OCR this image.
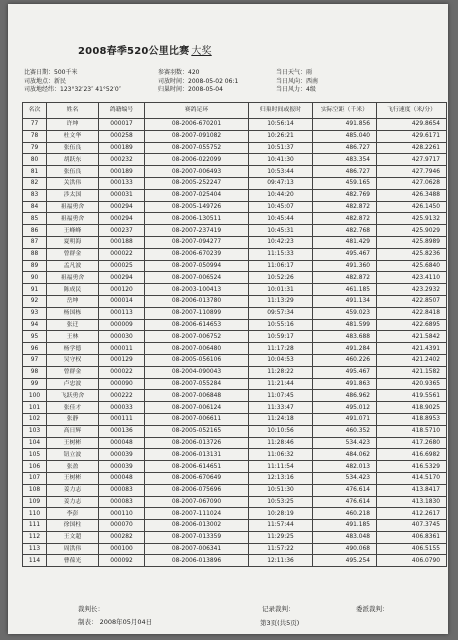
2008春季520公里比赛 大奖
比赛日期：500千米
司放地点：新民
司放地经纬：123°32′23″ 41°52′0″
参赛羽数：420
司放时间：2008-05-02 06:1
归巢时间：2008-05-04
当日天气：雨
当日风向：西南
当日风力：4级
名次	姓名	鸽籍编号	赛鸽足环	归巢时间或报时	实际空距（千米）	飞行速度（米/分）
77	许坤	000017	08-2006-670201	10:56:14	491.856	429.8654
78	杜文华	000258	08-2007-091082	10:26:21	485.040	429.6171
79	张伍良	000189	08-2007-055752	10:51:37	486.727	428.2261
80	胡跃东	000232	08-2006-022099	10:41:30	483.354	427.9717
81	张伍良	000189	08-2007-006493	10:53:44	486.727	427.7946
82	关洪伟	000133	08-2005-252247	09:47:13	459.165	427.0628
83	涉太国	000031	08-2007-025404	10:44:20	482.769	426.3488
84	祖福勇舍	000294	08-2005-149726	10:45:07	482.872	426.1450
85	祖福勇舍	000294	08-2006-130511	10:45:44	482.872	425.9132
86	王峰峰	000237	08-2007-237419	10:45:31	482.768	425.9029
87	夏明海	000188	08-2007-094277	10:42:23	481.429	425.8989
88	曾群金	000022	08-2006-670239	11:15:33	495.467	425.8236
89	孟凡波	000025	08-2007-050994	11:06:17	491.360	425.6840
90	祖福勇舍	000294	08-2007-006524	10:52:26	482.872	423.4110
91	陈成民	000120	08-2003-100413	10:01:31	461.185	423.2932
92	岳坤	000014	08-2006-013780	11:13:29	491.134	422.8507
93	杨国栋	000113	08-2007-110899	09:57:34	459.023	422.8418
94	张迁	000009	08-2006-614653	10:55:16	481.599	422.6895
95	王林	000030	08-2007-006752	10:59:17	483.688	421.5842
96	杨学德	000011	08-2007-006480	11:17:28	491.284	421.4391
97	吴守权	000129	08-2005-056106	10:04:53	460.226	421.2402
98	曾群金	000022	08-2004-090043	11:28:22	495.467	421.1582
99	卢忠波	000090	08-2007-055284	11:21:44	491.863	420.9365
100	飞跃勇舍	000222	08-2007-006848	11:07:45	486.962	419.5561
101	张佳才	000033	08-2007-006124	11:33:47	495.012	418.9025
102	张静	000111	08-2007-006611	11:24:18	491.071	418.8953
103	高日辉	000136	08-2005-052165	10:10:56	460.352	418.5710
104	王树彬	000048	08-2006-013726	11:28:46	534.423	417.2680
105	钮立波	000039	08-2006-013131	11:06:32	484.062	416.6982
106	张盈	000039	08-2006-614651	11:11:54	482.013	416.5329
107	王树彬	000048	08-2006-670649	12:13:16	534.423	414.5170
108	姜力志	000083	08-2006-075696	10:51:30	476.614	413.8417
109	姜力志	000083	08-2007-067090	10:53:25	476.614	413.1830
110	李彭	000110	08-2007-111024	10:28:19	460.218	412.2617
111	徐国柱	000070	08-2006-013002	11:57:44	491.185	407.3745
112	王文超	000282	08-2007-013359	11:29:25	483.048	406.8361
113	周洪伟	000100	08-2007-006341	11:57:22	490.068	406.5155
114	曹葆光	000092	08-2006-013896	12:11:36	495.254	406.0790
裁判长：	记录裁判：	委派裁判：
制表： 2008年05月04日	第3页(共5页)
